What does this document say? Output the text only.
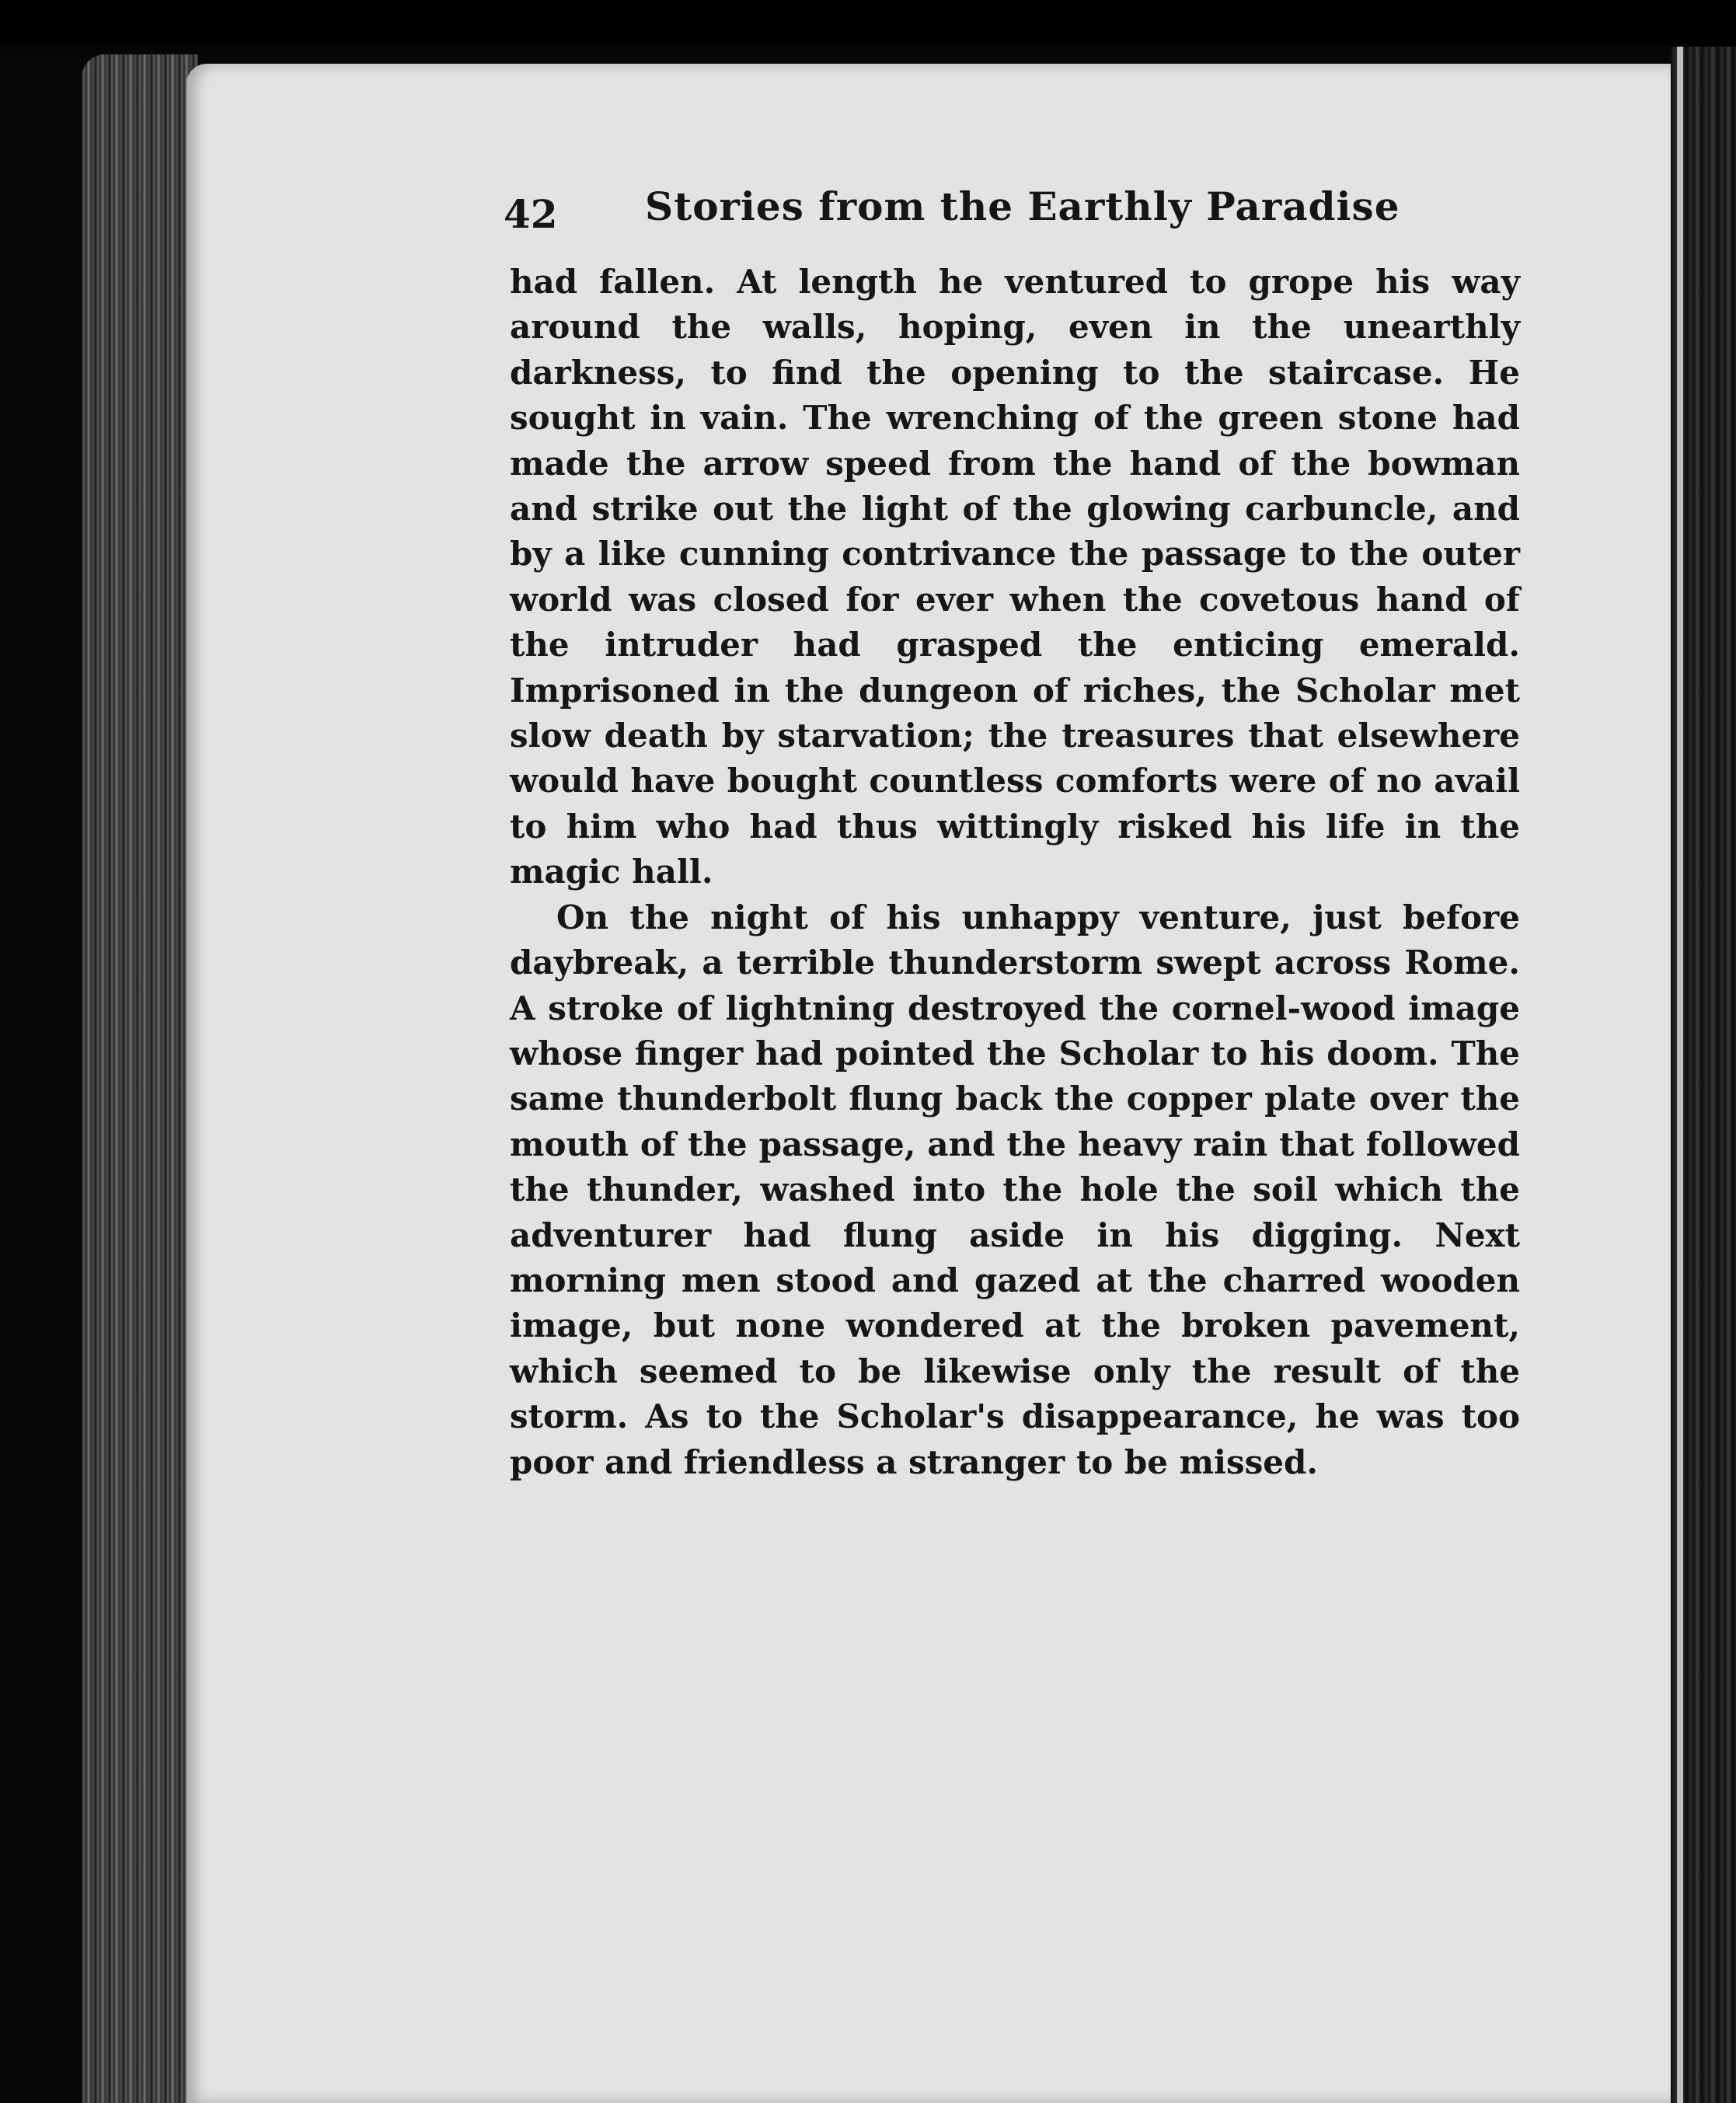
42 Stories from the Earthly Paradise

had fallen. At length he ventured to grope his way around the walls, hoping, even in the unearthly darkness, to find the opening to the staircase. He sought in vain. The wrenching of the green stone had made the arrow speed from the hand of the bowman and strike out the light of the glowing carbuncle, and by a like cunning contrivance the passage to the outer world was closed for ever when the covetous hand of the intruder had grasped the enticing emerald. Imprisoned in the dungeon of riches, the Scholar met slow death by starvation; the treasures that elsewhere would have bought countless comforts were of no avail to him who had thus wittingly risked his life in the magic hall.

On the night of his unhappy venture, just before daybreak, a terrible thunderstorm swept across Rome. A stroke of lightning destroyed the cornel-wood image whose finger had pointed the Scholar to his doom. The same thunderbolt flung back the copper plate over the mouth of the passage, and the heavy rain that followed the thunder, washed into the hole the soil which the adventurer had flung aside in his digging. Next morning men stood and gazed at the charred wooden image, but none wondered at the broken pavement, which seemed to be likewise only the result of the storm. As to the Scholar's disappearance, he was too poor and friendless a stranger to be missed.
